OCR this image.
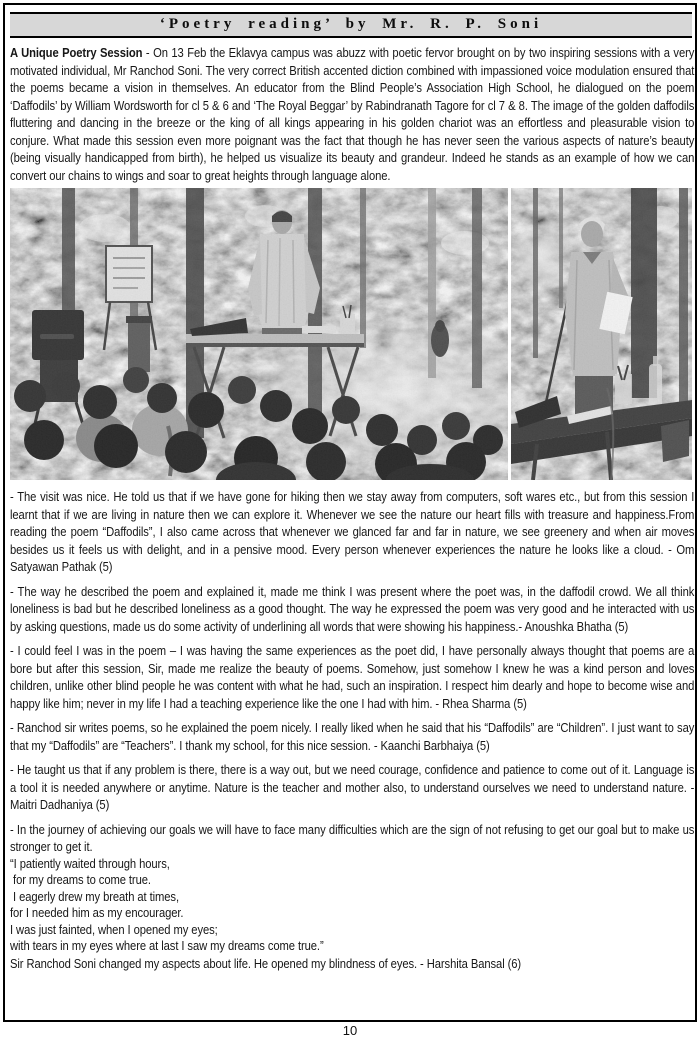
‘Poetry reading’ by Mr. R. P. Soni

A Unique Poetry Session - On 13 Feb the Eklavya campus was abuzz with poetic fervor brought on by two inspiring sessions with a very motivated individual, Mr Ranchod Soni. The very correct British accented diction combined with impassioned voice modulation ensured that the poems became a vision in themselves. An educator from the Blind People’s Association High School, he dialogued on the poem ‘Daffodils’ by William Wordsworth for cl 5 & 6 and ‘The Royal Beggar’ by Rabindranath Tagore for cl 7 & 8. The image of the golden daffodils fluttering and dancing in the breeze or the king of all kings appearing in his golden chariot was an effortless and pleasurable vision to conjure. What made this session even more poignant was the fact that though he has never seen the various aspects of nature’s beauty (being visually handicapped from birth), he helped us visualize its beauty and grandeur. Indeed he stands as an example of how we can convert our chains to wings and soar to great heights through language alone.

- The visit was nice. He told us that if we have gone for hiking then we stay away from computers, soft wares etc., but from this session I learnt that if we are living in nature then we can explore it. Whenever we see the nature our heart fills with treasure and happiness.From reading the poem “Daffodils”, I also came across that whenever we glanced far and far in nature, we see greenery and when air moves besides us it feels us with delight, and in a pensive mood. Every person whenever experiences the nature he looks like a cloud. - Om Satyawan Pathak (5)

- The way he described the poem and explained it, made me think I was present where the poet was, in the daffodil crowd. We all think loneliness is bad but he described loneliness as a good thought. The way he expressed the poem was very good and he interacted with us by asking questions, made us do some activity of underlining all words that were showing his happiness.- Anoushka Bhatha (5)

- I could feel I was in the poem – I was having the same experiences as the poet did, I have personally always thought that poems are a bore but after this session, Sir, made me realize the beauty of poems. Somehow, just somehow I knew he was a kind person and loves children, unlike other blind people he was content with what he had, such an inspiration. I respect him dearly and hope to become wise and happy like him; never in my life I had a teaching experience like the one I had with him. - Rhea Sharma (5)

- Ranchod sir writes poems, so he explained the poem nicely. I really liked when he said that his “Daffodils” are “Children”. I just want to say that my “Daffodils” are “Teachers”. I thank my school, for this nice session. - Kaanchi Barbhaiya (5)

- He taught us that if any problem is there, there is a way out, but we need courage, confidence and patience to come out of it. Language is a tool it is needed anywhere or anytime. Nature is the teacher and mother also, to understand ourselves we need to understand nature. - Maitri Dadhaniya (5)

- In the journey of achieving our goals we will have to face many difficulties which are the sign of not refusing to get our goal but to make us stronger to get it.
“I patiently waited through hours,
for my dreams to come true.
I eagerly drew my breath at times,
for I needed him as my encourager.
I was just fainted, when I opened my eyes;
with tears in my eyes where at last I saw my dreams come true.”
Sir Ranchod Soni changed my aspects about life. He opened my blindness of eyes. - Harshita Bansal (6)
10
